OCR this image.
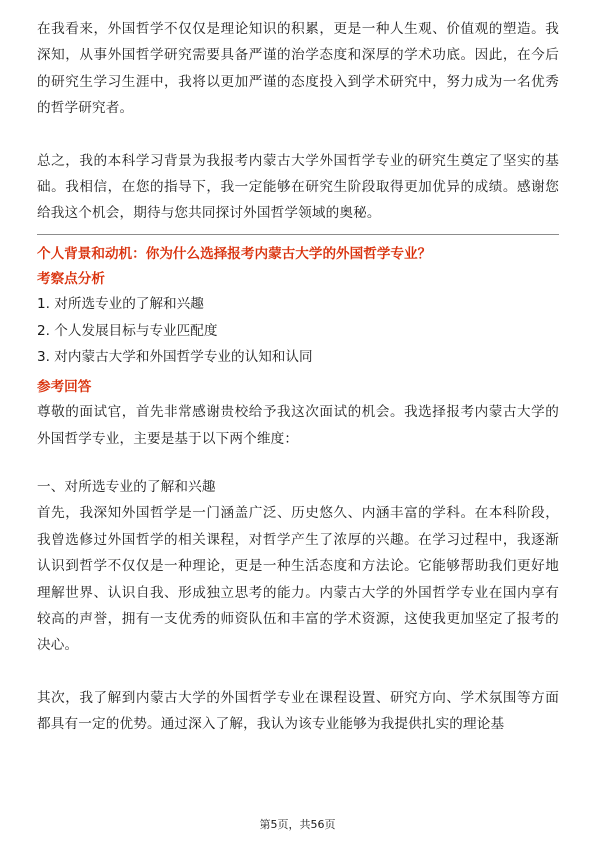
在我看来，外国哲学不仅仅是理论知识的积累，更是一种人生观、价值观的塑造。我深知，从事外国哲学研究需要具备严谨的治学态度和深厚的学术功底。因此，在今后的研究生学习生涯中，我将以更加严谨的态度投入到学术研究中，努力成为一名优秀的哲学研究者。

总之，我的本科学习背景为我报考内蒙古大学外国哲学专业的研究生奠定了坚实的基础。我相信，在您的指导下，我一定能够在研究生阶段取得更加优异的成绩。感谢您给我这个机会，期待与您共同探讨外国哲学领域的奥秘。

个人背景和动机：你为什么选择报考内蒙古大学的外国哲学专业？

考察点分析

1. 对所选专业的了解和兴趣
2. 个人发展目标与专业匹配度
3. 对内蒙古大学和外国哲学专业的认知和认同

参考回答

尊敬的面试官，首先非常感谢贵校给予我这次面试的机会。我选择报考内蒙古大学的外国哲学专业，主要是基于以下两个维度：

一、对所选专业的了解和兴趣

首先，我深知外国哲学是一门涵盖广泛、历史悠久、内涵丰富的学科。在本科阶段，我曾选修过外国哲学的相关课程，对哲学产生了浓厚的兴趣。在学习过程中，我逐渐认识到哲学不仅仅是一种理论，更是一种生活态度和方法论。它能够帮助我们更好地理解世界、认识自我、形成独立思考的能力。内蒙古大学的外国哲学专业在国内享有较高的声誉，拥有一支优秀的师资队伍和丰富的学术资源，这使我更加坚定了报考的决心。

其次，我了解到内蒙古大学的外国哲学专业在课程设置、研究方向、学术氛围等方面都具有一定的优势。通过深入了解，我认为该专业能够为我提供扎实的理论基

第5页，共56页
